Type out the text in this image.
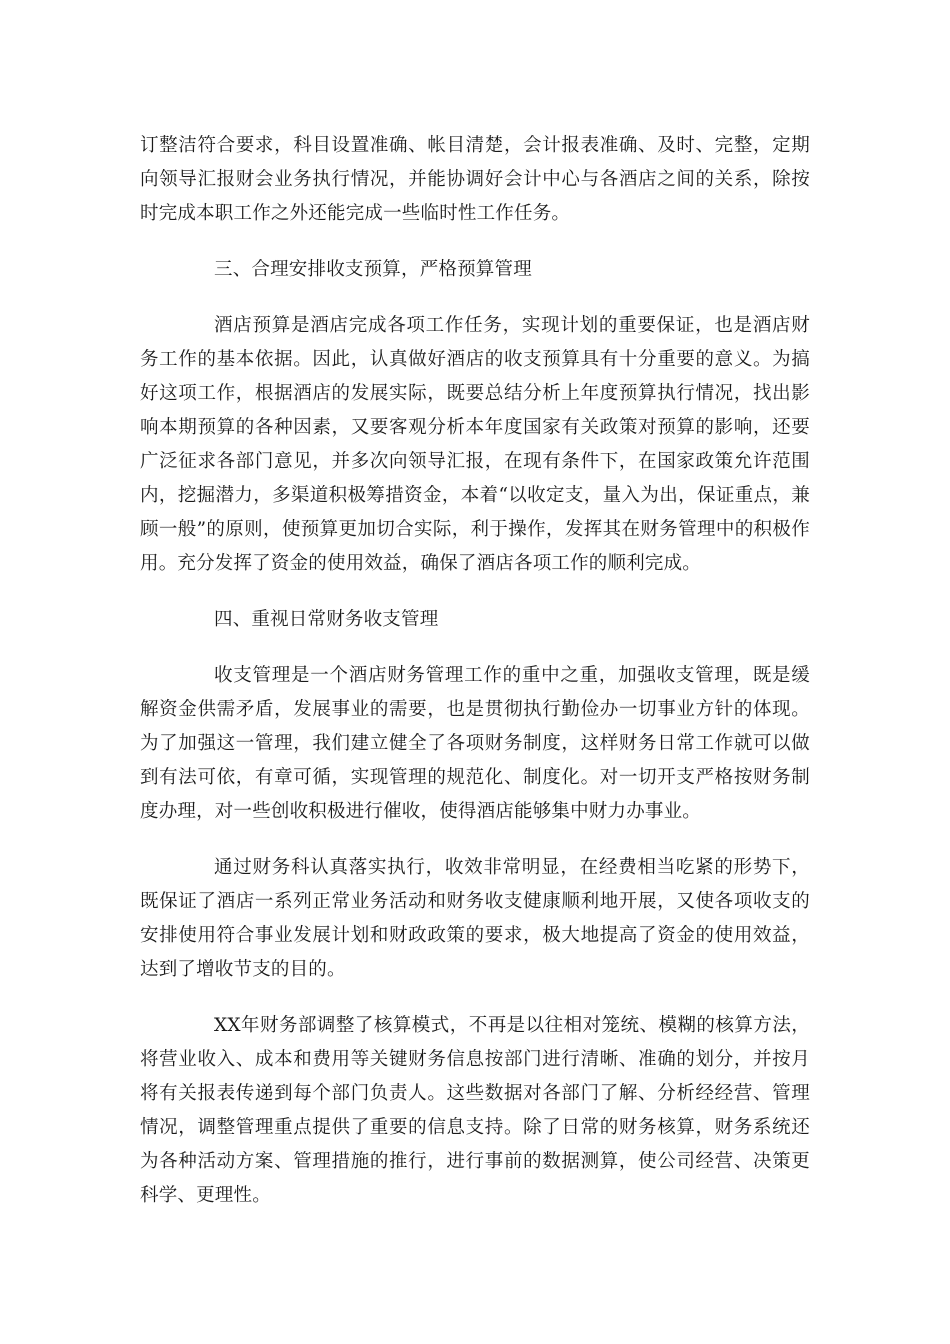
订整洁符合要求，科目设置准确、帐目清楚，会计报表准确、及时、完整，定期向领导汇报财会业务执行情况，并能协调好会计中心与各酒店之间的关系，除按时完成本职工作之外还能完成一些临时性工作任务。

三、合理安排收支预算，严格预算管理

酒店预算是酒店完成各项工作任务，实现计划的重要保证，也是酒店财务工作的基本依据。因此，认真做好酒店的收支预算具有十分重要的意义。为搞好这项工作，根据酒店的发展实际，既要总结分析上年度预算执行情况，找出影响本期预算的各种因素，又要客观分析本年度国家有关政策对预算的影响，还要广泛征求各部门意见，并多次向领导汇报，在现有条件下，在国家政策允许范围内，挖掘潜力，多渠道积极筹措资金，本着“以收定支，量入为出，保证重点，兼顾一般”的原则，使预算更加切合实际，利于操作，发挥其在财务管理中的积极作用。充分发挥了资金的使用效益，确保了酒店各项工作的顺利完成。

四、重视日常财务收支管理

收支管理是一个酒店财务管理工作的重中之重，加强收支管理，既是缓解资金供需矛盾，发展事业的需要，也是贯彻执行勤俭办一切事业方针的体现。为了加强这一管理，我们建立健全了各项财务制度，这样财务日常工作就可以做到有法可依，有章可循，实现管理的规范化、制度化。对一切开支严格按财务制度办理，对一些创收积极进行催收，使得酒店能够集中财力办事业。

通过财务科认真落实执行，收效非常明显，在经费相当吃紧的形势下，既保证了酒店一系列正常业务活动和财务收支健康顺利地开展，又使各项收支的安排使用符合事业发展计划和财政政策的要求，极大地提高了资金的使用效益，达到了增收节支的目的。

XX年财务部调整了核算模式，不再是以往相对笼统、模糊的核算方法，将营业收入、成本和费用等关键财务信息按部门进行清晰、准确的划分，并按月将有关报表传递到每个部门负责人。这些数据对各部门了解、分析经经营、管理情况，调整管理重点提供了重要的信息支持。除了日常的财务核算，财务系统还为各种活动方案、管理措施的推行，进行事前的数据测算，使公司经营、决策更科学、更理性。
